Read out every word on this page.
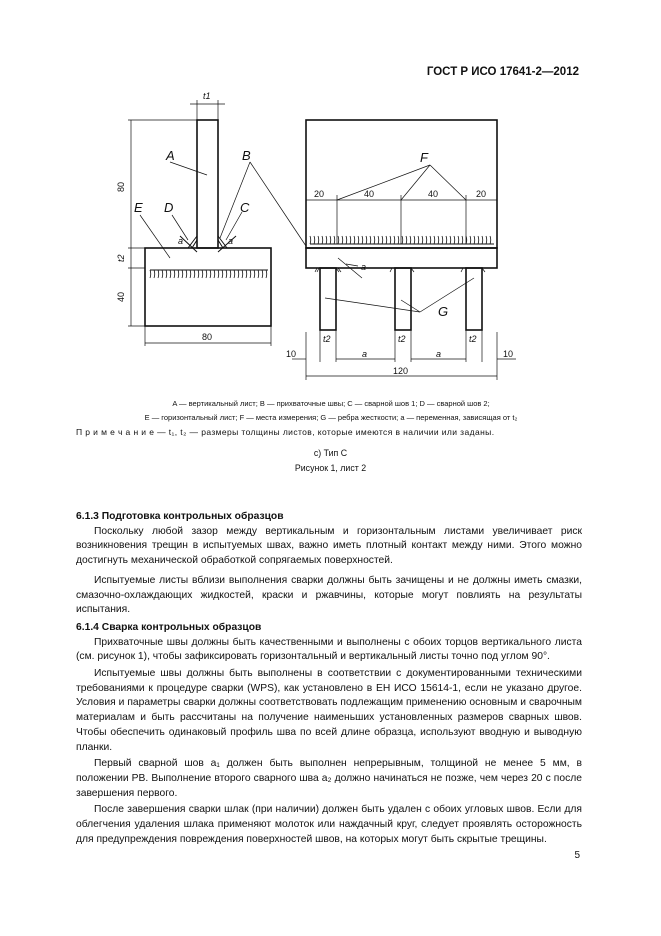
ГОСТ Р ИСО 17641-2—2012
A	B
C
D
E
F
G
t1
80
t2
40
80
a	a
20	40	40	20
a
t2	t2	t2
10	10
a	a
120
A — вертикальный лист; B — прихваточные швы; C — сварной шов 1; D — сварной шов 2;
E — горизонтальный лист; F — места измерения; G — ребра жесткости; a — переменная, зависящая от t₂
П р и м е ч а н и е — t₁, t₂ — размеры толщины листов, которые имеются в наличии или заданы.
c) Тип С
Рисунок 1, лист 2
6.1.3 Подготовка контрольных образцов

Поскольку любой зазор между вертикальным и горизонтальным листами увеличивает риск возникновения трещин в испытуемых швах, важно иметь плотный контакт между ними. Этого можно достигнуть механической обработкой сопрягаемых поверхностей.

Испытуемые листы вблизи выполнения сварки должны быть зачищены и не должны иметь смазки, смазочно-охлаждающих жидкостей, краски и ржавчины, которые могут повлиять на результаты испытания.

6.1.4 Сварка контрольных образцов

Прихваточные швы должны быть качественными и выполнены с обоих торцов вертикального листа (см. рисунок 1), чтобы зафиксировать горизонтальный и вертикальный листы точно под углом 90°.

Испытуемые швы должны быть выполнены в соответствии с документированными техническими требованиями к процедуре сварки (WPS), как установлено в ЕН ИСО 15614-1, если не указано другое. Условия и параметры сварки должны соответствовать подлежащим применению основным и сварочным материалам и быть рассчитаны на получение наименьших установленных размеров сварных швов. Чтобы обеспечить одинаковый профиль шва по всей длине образца, используют вводную и выводную планки.

Первый сварной шов a₁ должен быть выполнен непрерывным, толщиной не менее 5 мм, в положении PB. Выполнение второго сварного шва a₂ должно начинаться не позже, чем через 20 с после завершения первого.

После завершения сварки шлак (при наличии) должен быть удален с обоих угловых швов. Если для облегчения удаления шлака применяют молоток или наждачный круг, следует проявлять осторожность для предупреждения повреждения поверхностей швов, на которых могут быть скрытые трещины.

5
